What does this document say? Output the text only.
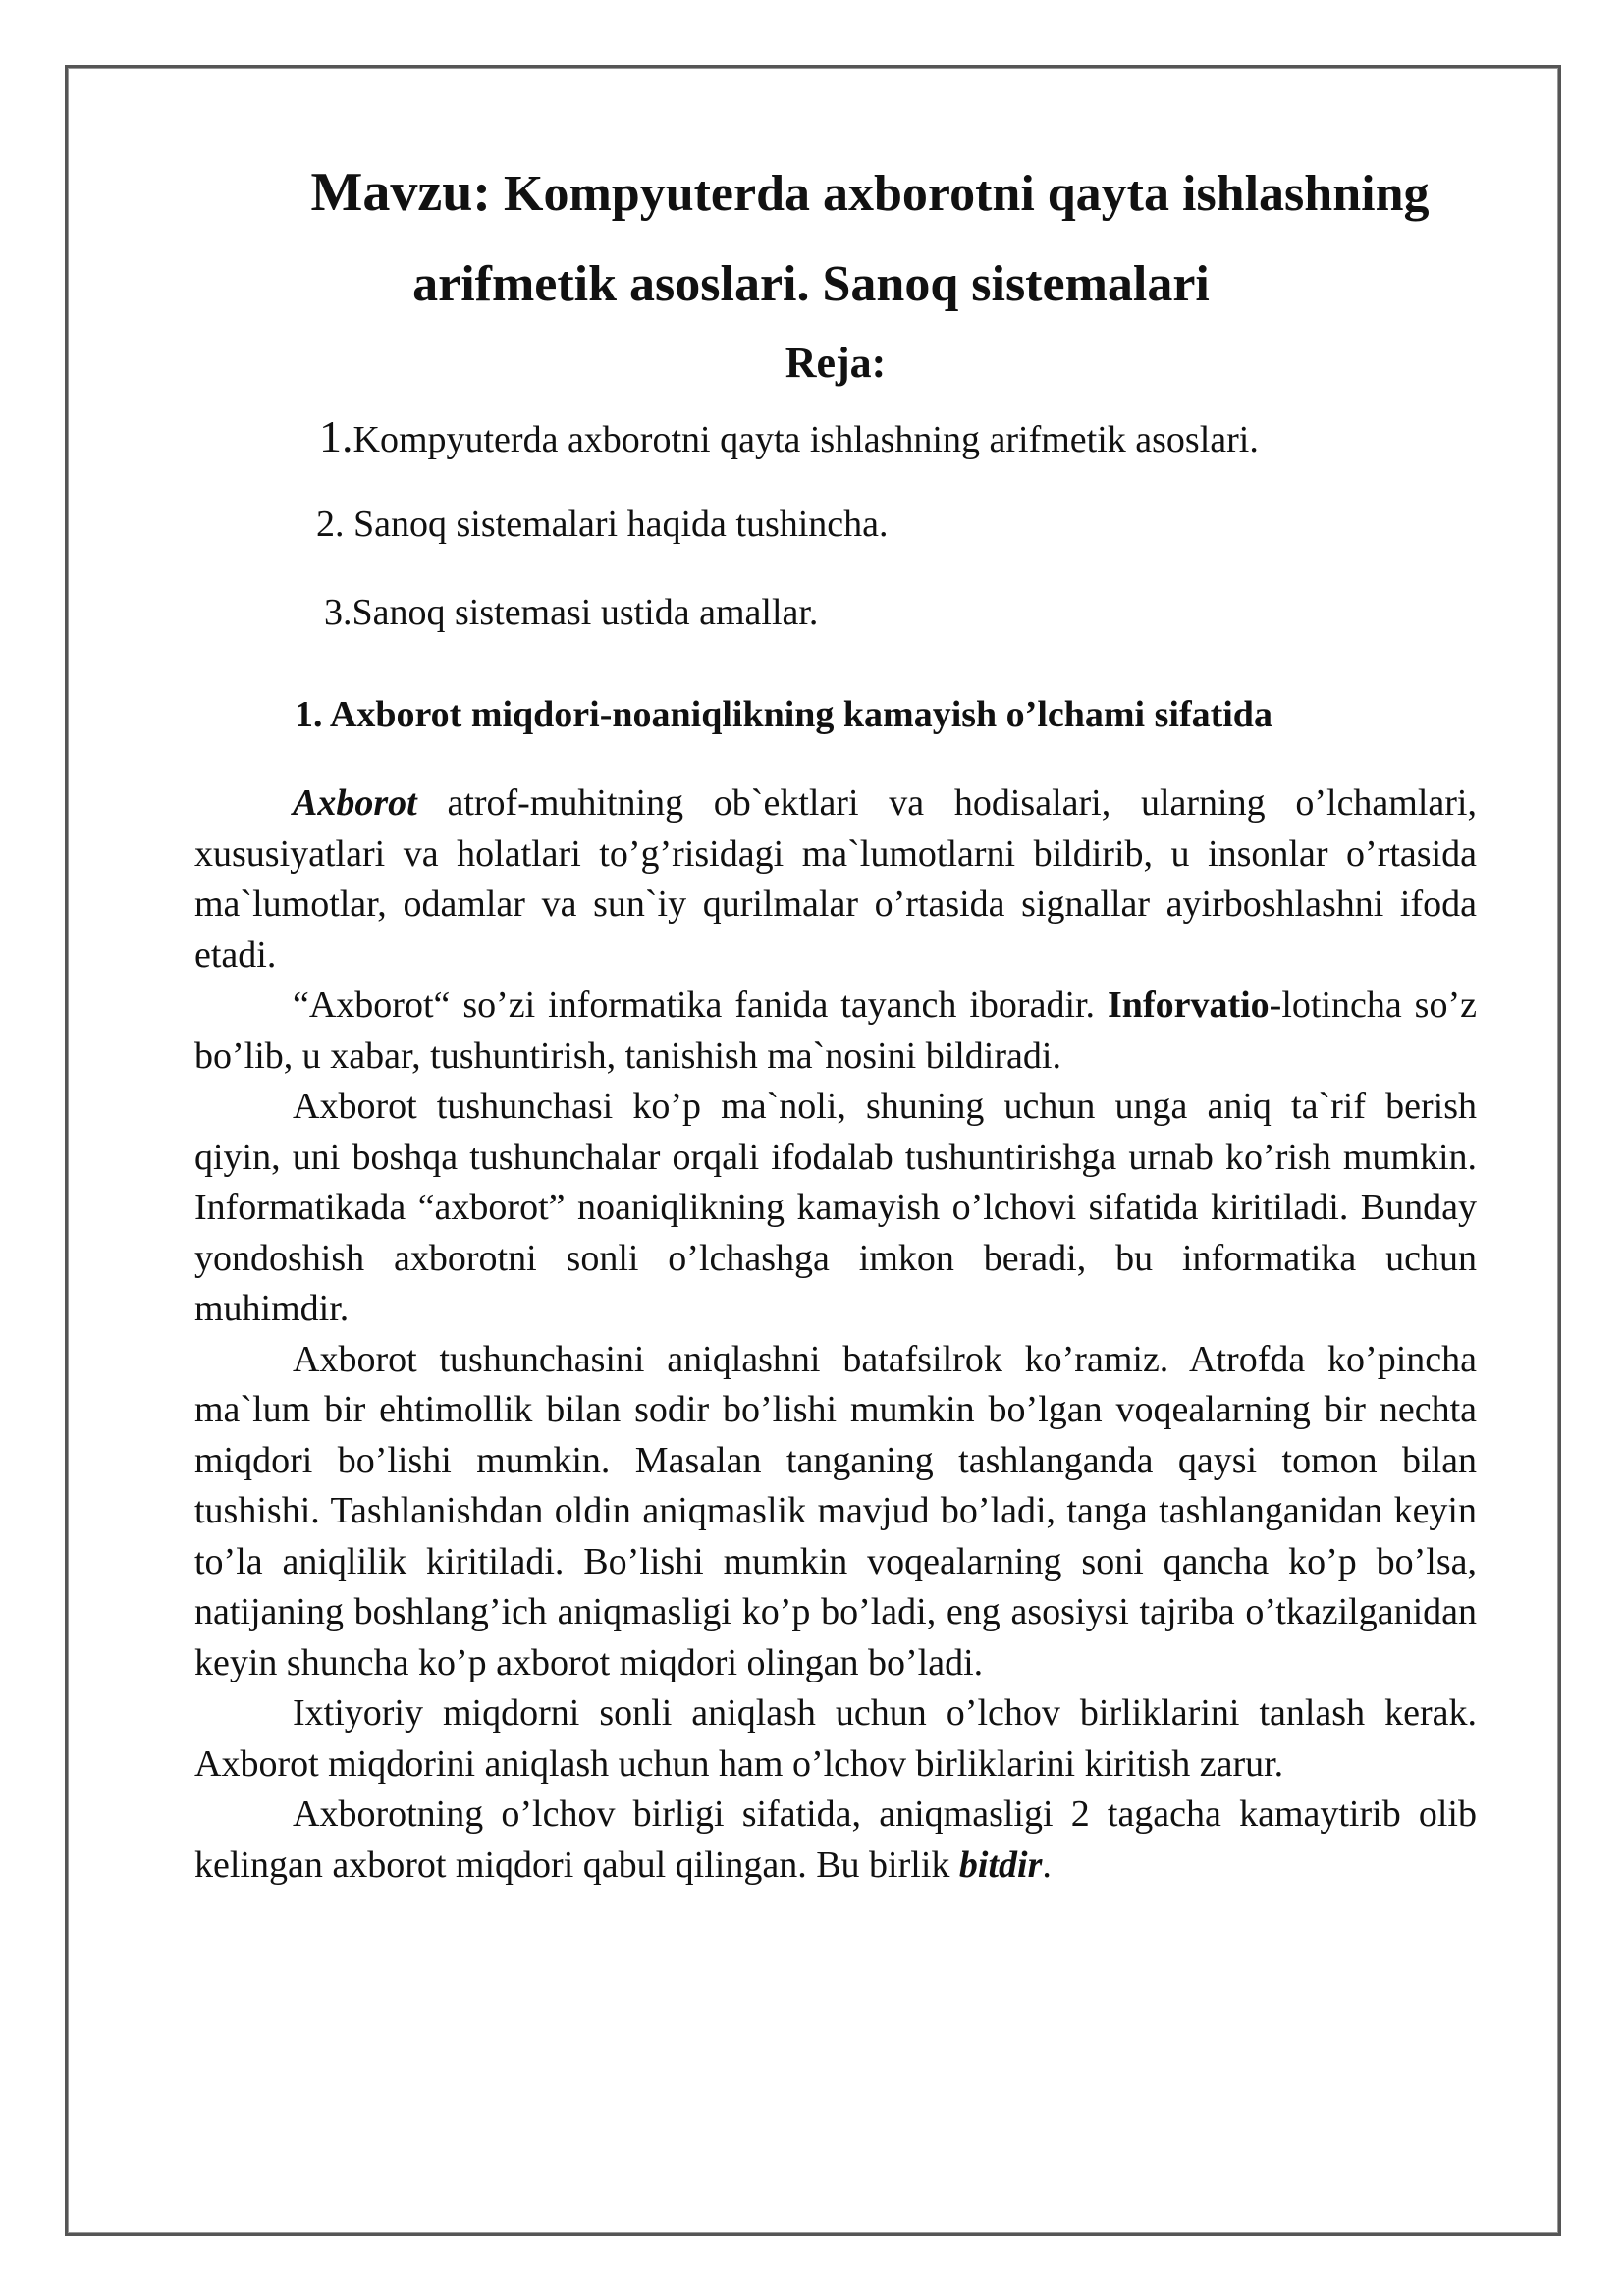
Mavzu: Kompyuterda axborotni qayta ishlashning
arifmetik asoslari. Sanoq sistemalari
Reja:
1.Kompyuterda axborotni qayta ishlashning arifmetik asoslari.
2. Sanoq sistemalari haqida tushincha.
3.Sanoq sistemasi ustida amallar.
1. Axborot miqdori-noaniqlikning kamayish o’lchami sifatida

Axborot atrof-muhitning ob`ektlari va hodisalari, ularning o’lchamlari, xususiyatlari va holatlari to’g’risidagi ma`lumotlarni bildirib, u insonlar o’rtasida ma`lumotlar, odamlar va sun`iy qurilmalar o’rtasida signallar ayirboshlashni ifoda etadi.

“Axborot“ so’zi informatika fanida tayanch iboradir. Inforvatio-lotincha so’z bo’lib, u xabar, tushuntirish, tanishish ma`nosini bildiradi.

Axborot tushunchasi ko’p ma`noli, shuning uchun unga aniq ta`rif berish qiyin, uni boshqa tushunchalar orqali ifodalab tushuntirishga urnab ko’rish mumkin. Informatikada “axborot” noaniqlikning kamayish o’lchovi sifatida kiritiladi. Bunday yondoshish axborotni sonli o’lchashga imkon beradi, bu informatika uchun muhimdir.

Axborot tushunchasini aniqlashni batafsilrok ko’ramiz. Atrofda ko’pincha ma`lum bir ehtimollik bilan sodir bo’lishi mumkin bo’lgan voqealarning bir nechta miqdori bo’lishi mumkin. Masalan tanganing tashlanganda qaysi tomon bilan tushishi. Tashlanishdan oldin aniqmaslik mavjud bo’ladi, tanga tashlanganidan keyin to’la aniqlilik kiritiladi. Bo’lishi mumkin voqealarning soni qancha ko’p bo’lsa, natijaning boshlang’ich aniqmasligi ko’p bo’ladi, eng asosiysi tajriba o’tkazilganidan keyin shuncha ko’p axborot miqdori olingan bo’ladi.

Ixtiyoriy miqdorni sonli aniqlash uchun o’lchov birliklarini tanlash kerak. Axborot miqdorini aniqlash uchun ham o’lchov birliklarini kiritish zarur.

Axborotning o’lchov birligi sifatida, aniqmasligi 2 tagacha kamaytirib olib kelingan axborot miqdori qabul qilingan. Bu birlik bitdir.
